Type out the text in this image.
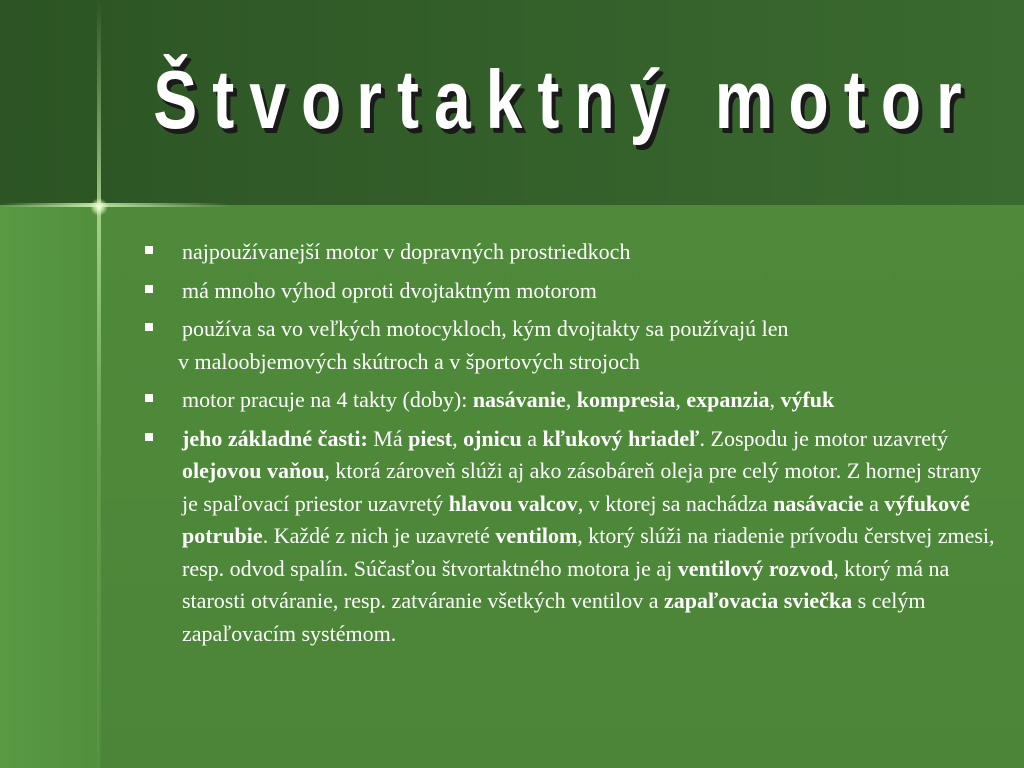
Štvortaktný motor
najpoužívanejší motor v dopravných prostriedkoch
má mnoho výhod oproti dvojtaktným motorom
používa sa vo veľkých motocykloch, kým dvojtakty sa používajú len
v maloobjemových skútroch a v športových strojoch
motor pracuje na 4 takty (doby): nasávanie, kompresia, expanzia, výfuk
jeho základné časti: Má piest, ojnicu a kľukový hriadeľ. Zospodu je motor uzavretý olejovou vaňou, ktorá zároveň slúži aj ako zásobáreň oleja pre celý motor. Z hornej strany je spaľovací priestor uzavretý hlavou valcov, v ktorej sa nachádza nasávacie a výfukové potrubie. Každé z nich je uzavreté ventilom, ktorý slúži na riadenie prívodu čerstvej zmesi, resp. odvod spalín. Súčasťou štvortaktného motora je aj ventilový rozvod, ktorý má na starosti otváranie, resp. zatváranie všetkých ventilov a zapaľovacia sviečka s celým zapaľovacím systémom.
